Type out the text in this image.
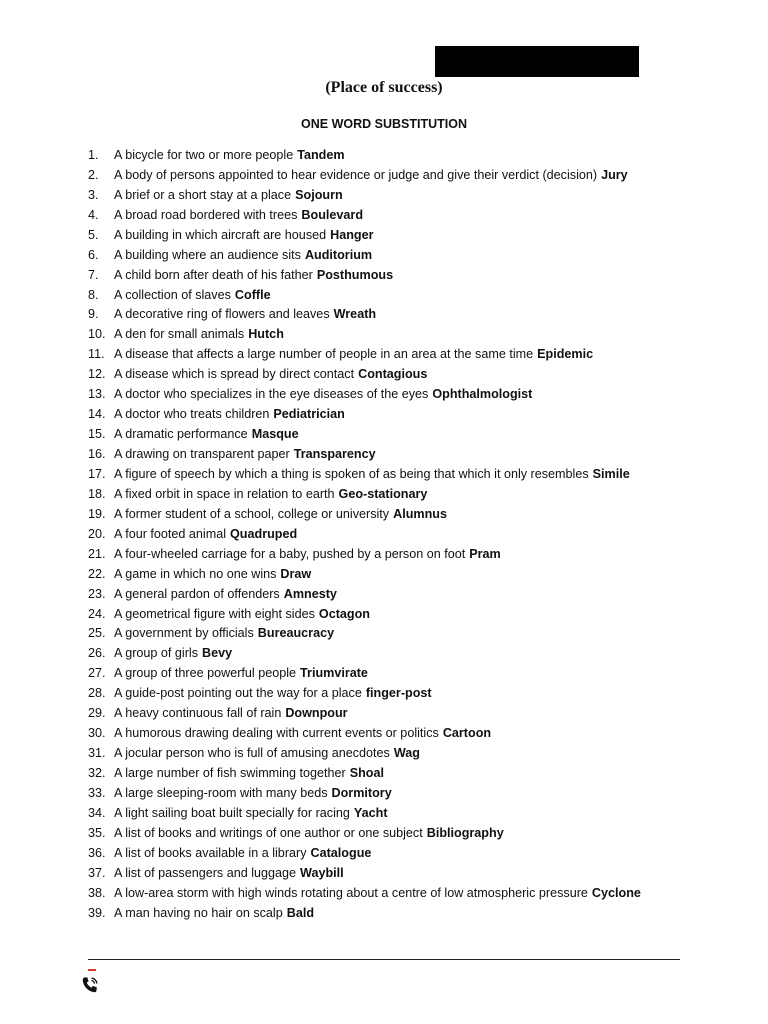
(Place of success)
ONE WORD SUBSTITUTION
1.	A bicycle for two or more people Tandem
2.	A body of persons appointed to hear evidence or judge and give their verdict (decision) Jury
3.	A brief or a short stay at a place Sojourn
4.	A broad road bordered with trees Boulevard
5.	A building in which aircraft are housed Hanger
6.	A building where an audience sits Auditorium
7.	A child born after death of his father Posthumous
8.	A collection of slaves Coffle
9.	A decorative ring of flowers and leaves Wreath
10. A den for small animals Hutch
11. A disease that affects a large number of people in an area at the same time Epidemic
12. A disease which is spread by direct contact Contagious
13. A doctor who specializes in the eye diseases of the eyes Ophthalmologist
14. A doctor who treats children Pediatrician
15. A dramatic performance Masque
16. A drawing on transparent paper Transparency
17. A figure of speech by which a thing is spoken of as being that which it only resembles Simile
18. A fixed orbit in space in relation to earth Geo-stationary
19. A former student of a school, college or university Alumnus
20. A four footed animal Quadruped
21. A four-wheeled carriage for a baby, pushed by a person on foot Pram
22. A game in which no one wins Draw
23. A general pardon of offenders Amnesty
24. A geometrical figure with eight sides Octagon
25. A government by officials Bureaucracy
26. A group of girls Bevy
27. A group of three powerful people Triumvirate
28. A guide-post pointing out the way for a place finger-post
29. A heavy continuous fall of rain Downpour
30. A humorous drawing dealing with current events or politics Cartoon
31. A jocular person who is full of amusing anecdotes Wag
32. A large number of fish swimming together Shoal
33. A large sleeping-room with many beds Dormitory
34. A light sailing boat built specially for racing Yacht
35. A list of books and writings of one author or one subject Bibliography
36. A list of books available in a library Catalogue
37. A list of passengers and luggage Waybill
38. A low-area storm with high winds rotating about a centre of low atmospheric pressure Cyclone
39. A man having no hair on scalp Bald
